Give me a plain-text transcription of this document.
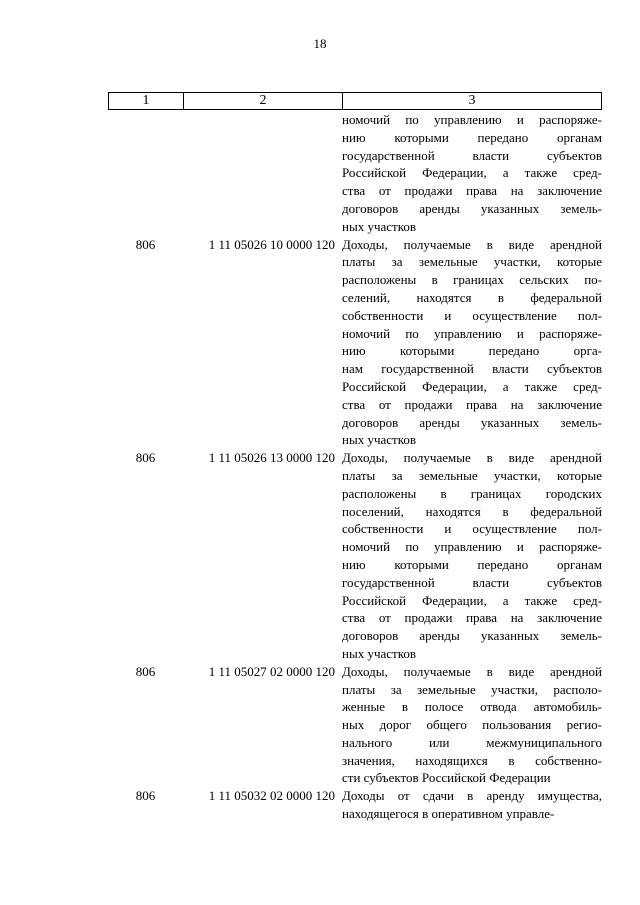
18
1	2	3
номочий по управлению и распоряже-
нию которыми передано органам
государственной власти субъектов
Российской Федерации, а также сред-
ства от продажи права на заключение
договоров аренды указанных земель-
ных участков
806	1 11 05026 10 0000 120 Доходы, получаемые в виде арендной
платы за земельные участки, которые
расположены в границах сельских по-
селений, находятся в федеральной
собственности и осуществление пол-
номочий по управлению и распоряже-
нию которыми передано орга-
нам государственной власти субъектов
Российской Федерации, а также сред-
ства от продажи права на заключение
договоров аренды указанных земель-
ных участков
806	1 11 05026 13 0000 120 Доходы, получаемые в виде арендной
платы за земельные участки, которые
расположены в границах городских
поселений, находятся в федеральной
собственности и осуществление пол-
номочий по управлению и распоряже-
нию которыми передано органам
государственной власти субъектов
Российской Федерации, а также сред-
ства от продажи права на заключение
договоров аренды указанных земель-
ных участков
806	1 11 05027 02 0000 120 Доходы, получаемые в виде арендной
платы за земельные участки, располо-
женные в полосе отвода автомобиль-
ных дорог общего пользования регио-
нального или межмуниципального
значения, находящихся в собственно-
сти субъектов Российской Федерации
806	1 11 05032 02 0000 120 Доходы от сдачи в аренду имущества,
находящегося в оперативном управле-
